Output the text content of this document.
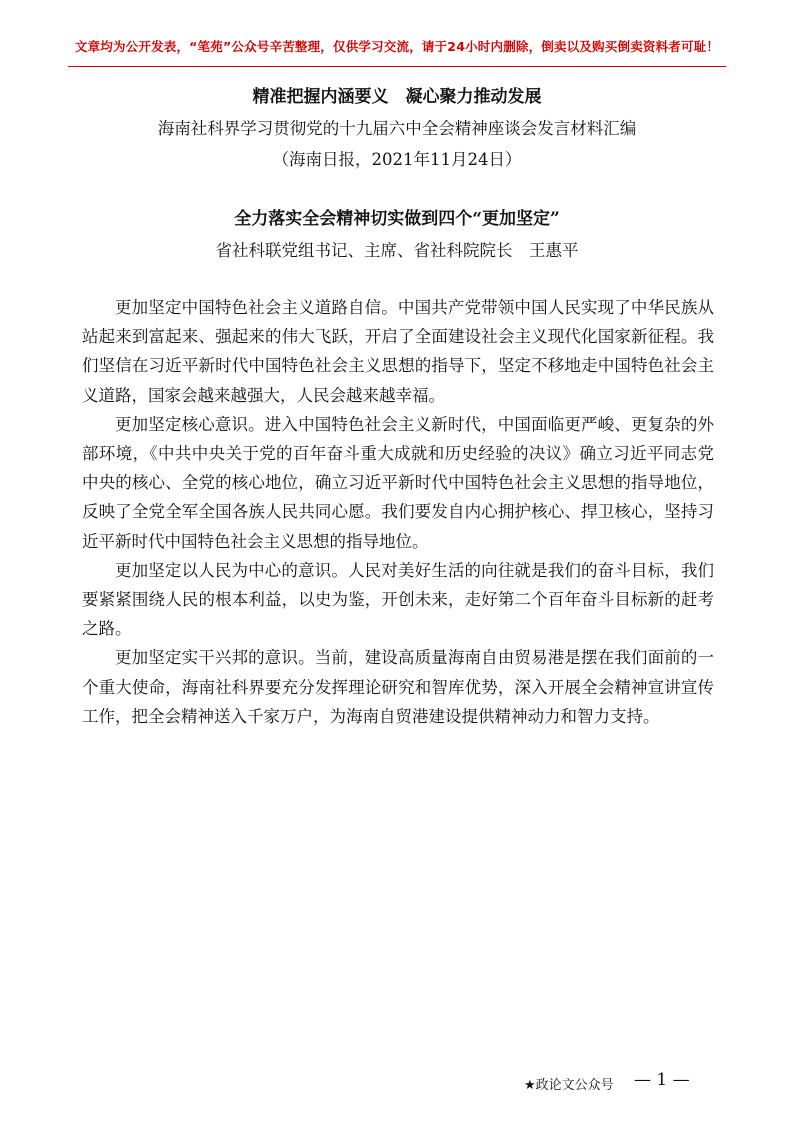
文章均为公开发表，“笔苑”公众号辛苦整理，仅供学习交流，请于24小时内删除，倒卖以及购买倒卖资料者可耻！
精准把握内涵要义　凝心聚力推动发展
海南社科界学习贯彻党的十九届六中全会精神座谈会发言材料汇编
（海南日报，2021年11月24日）
全力落实全会精神切实做到四个“更加坚定”
省社科联党组书记、主席、省社科院院长　王惠平

更加坚定中国特色社会主义道路自信。中国共产党带领中国人民实现了中华民族从站起来到富起来、强起来的伟大飞跃，开启了全面建设社会主义现代化国家新征程。我们坚信在习近平新时代中国特色社会主义思想的指导下，坚定不移地走中国特色社会主义道路，国家会越来越强大，人民会越来越幸福。

更加坚定核心意识。进入中国特色社会主义新时代，中国面临更严峻、更复杂的外部环境，《中共中央关于党的百年奋斗重大成就和历史经验的决议》确立习近平同志党中央的核心、全党的核心地位，确立习近平新时代中国特色社会主义思想的指导地位，反映了全党全军全国各族人民共同心愿。我们要发自内心拥护核心、捍卫核心，坚持习近平新时代中国特色社会主义思想的指导地位。

更加坚定以人民为中心的意识。人民对美好生活的向往就是我们的奋斗目标，我们要紧紧围绕人民的根本利益，以史为鉴，开创未来，走好第二个百年奋斗目标新的赶考之路。

更加坚定实干兴邦的意识。当前，建设高质量海南自由贸易港是摆在我们面前的一个重大使命，海南社科界要充分发挥理论研究和智库优势，深入开展全会精神宣讲宣传工作，把全会精神送入千家万户，为海南自贸港建设提供精神动力和智力支持。

★政论文公众号 — 1 —
